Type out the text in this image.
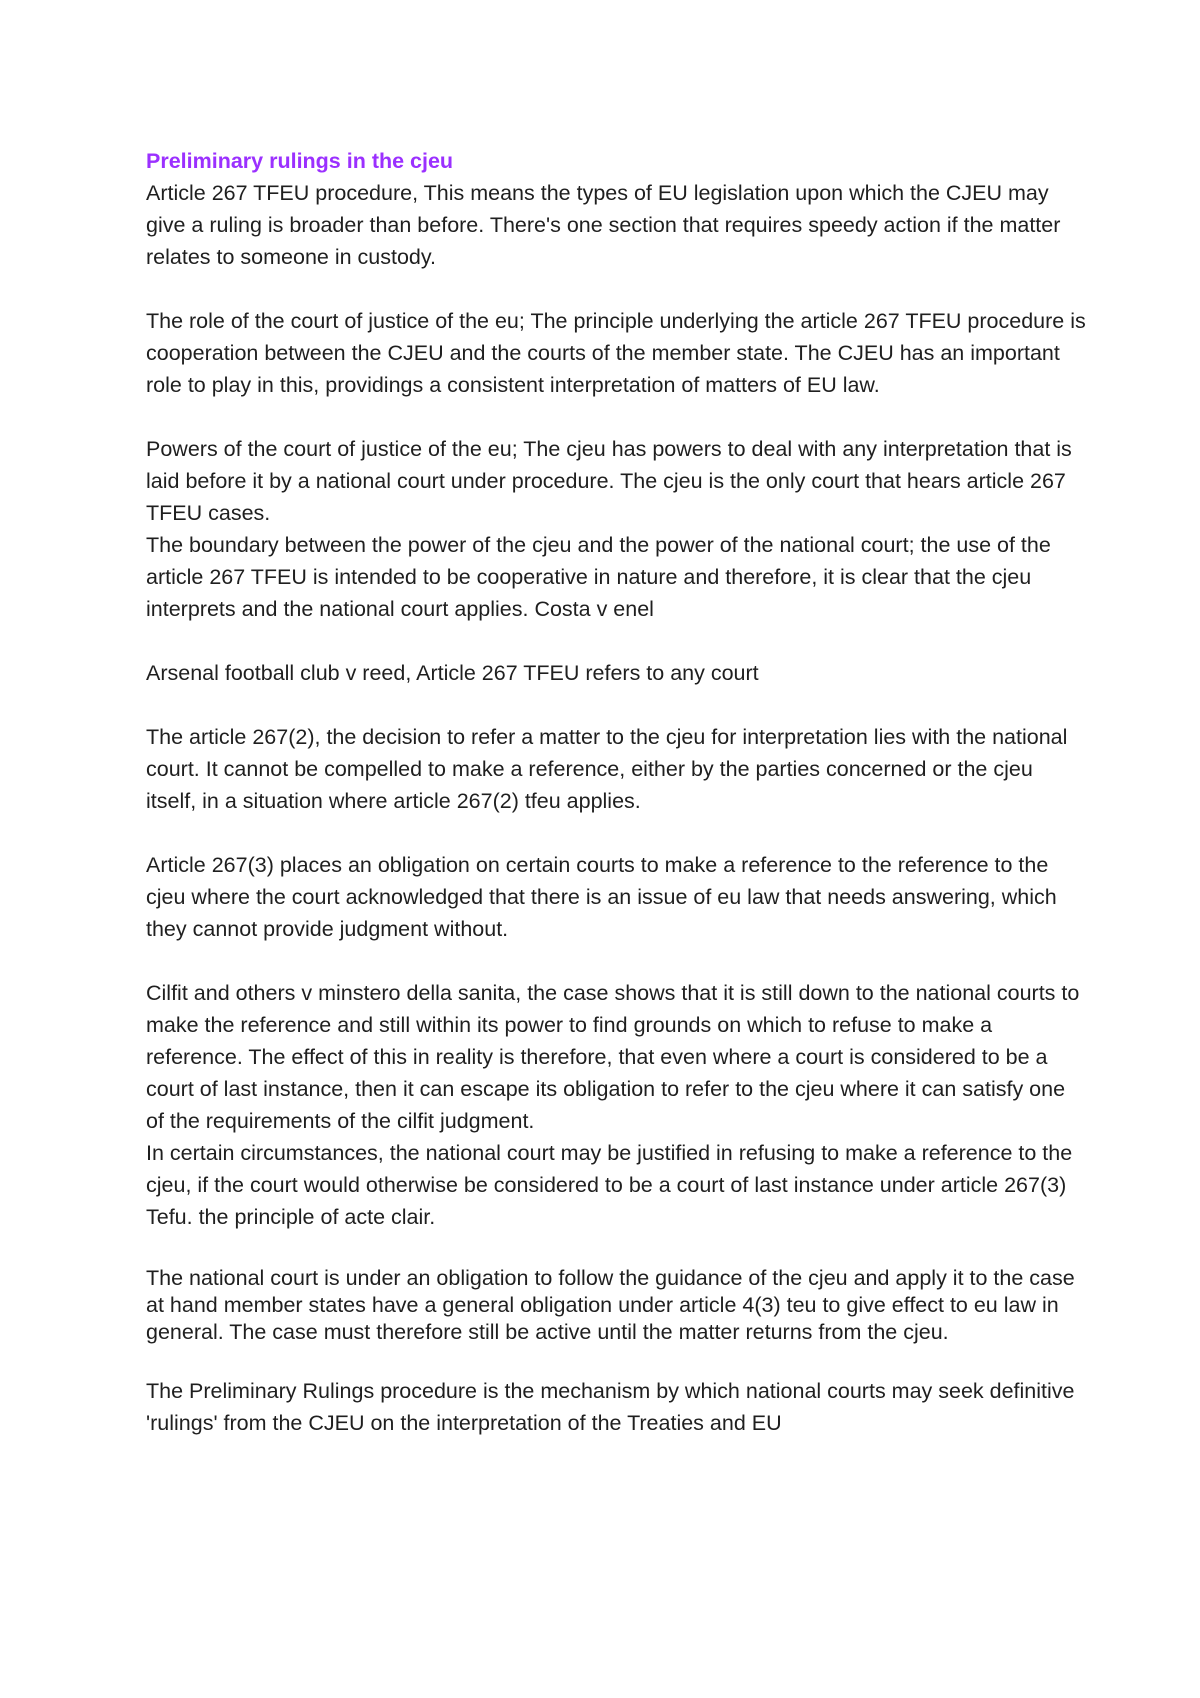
Preliminary rulings in the cjeu

Article 267 TFEU procedure, This means the types of EU legislation upon which the CJEU may give a ruling is broader than before. There's one section that requires speedy action if the matter relates to someone in custody.

The role of the court of justice of the eu; The principle underlying the article 267 TFEU procedure is cooperation between the CJEU and the courts of the member state. The CJEU has an important role to play in this, providings a consistent interpretation of matters of EU law.

Powers of the court of justice of the eu; The cjeu has powers to deal with any interpretation that is laid before it by a national court under procedure. The cjeu is the only court that hears article 267 TFEU cases.

The boundary between the power of the cjeu and the power of the national court; the use of the article 267 TFEU is intended to be cooperative in nature and therefore, it is clear that the cjeu interprets and the national court applies. Costa v enel

Arsenal football club v reed, Article 267 TFEU refers to any court

The article 267(2), the decision to refer a matter to the cjeu for interpretation lies with the national court. It cannot be compelled to make a reference, either by the parties concerned or the cjeu itself, in a situation where article 267(2) tfeu applies.

Article 267(3) places an obligation on certain courts to make a reference to the reference to the cjeu where the court acknowledged that there is an issue of eu law that needs answering, which they cannot provide judgment without.

Cilfit and others v minstero della sanita, the case shows that it is still down to the national courts to make the reference and still within its power to find grounds on which to refuse to make a reference. The effect of this in reality is therefore, that even where a court is considered to be a court of last instance, then it can escape its obligation to refer to the cjeu where it can satisfy one of the requirements of the cilfit judgment.

In certain circumstances, the national court may be justified in refusing to make a reference to the cjeu, if the court would otherwise be considered to be a court of last instance under article 267(3) Tefu. the principle of acte clair.

The national court is under an obligation to follow the guidance of the cjeu and apply it to the case at hand member states have a general obligation under article 4(3) teu to give effect to eu law in general. The case must therefore still be active until the matter returns from the cjeu.

The Preliminary Rulings procedure is the mechanism by which national courts may seek definitive 'rulings' from the CJEU on the interpretation of the Treaties and EU
